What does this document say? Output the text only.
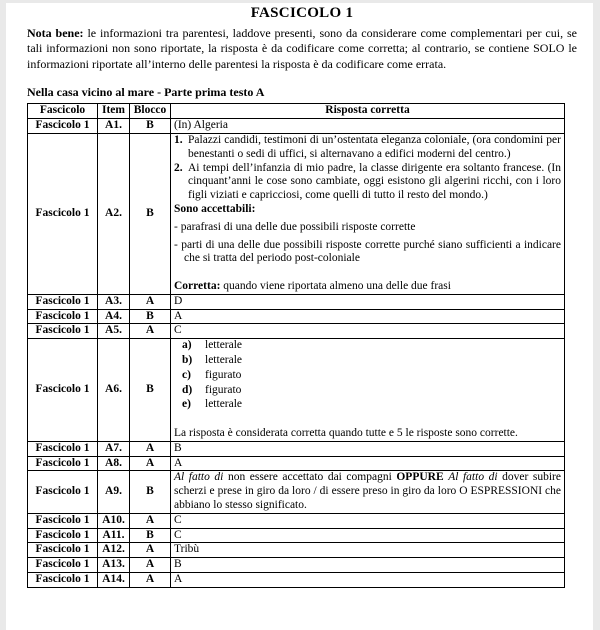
FASCICOLO 1

Nota bene: le informazioni tra parentesi, laddove presenti, sono da considerare come complementari per cui, se tali informazioni non sono riportate, la risposta è da codificare come corretta; al contrario, se contiene SOLO le informazioni riportate all’interno delle parentesi la risposta è da codificare come errata.

Nella casa vicino al mare - Parte prima testo A

Fascicolo	Item	Blocco	Risposta corretta
Fascicolo 1	A1.	B	(In) Algeria

Fascicolo 1	A2.	B	
1. Palazzi candidi, testimoni di un’ostentata eleganza coloniale, (ora condomini per benestanti o sedi di uffici, si alternavano a edifici moderni del centro.)
2. Ai tempi dell’infanzia di mio padre, la classe dirigente era soltanto francese. (In cinquant’anni le cose sono cambiate, oggi esistono gli algerini ricchi, con i loro figli viziati e capricciosi, come quelli di tutto il resto del mondo.)
Sono accettabili:
- parafrasi di una delle due possibili risposte corrette
- parti di una delle due possibili risposte corrette purché siano sufficienti a indicare che si tratta del periodo post-coloniale

Corretta: quando viene riportata almeno una delle due frasi

Fascicolo 1	A3.	A	D

Fascicolo 1	A4.	B	A

Fascicolo 1	A5.	A	C

Fascicolo 1	A6.	B	
a) letterale
b) letterale
c) figurato
d) figurato
e) letterale

La risposta è considerata corretta quando tutte e 5 le risposte sono corrette.

Fascicolo 1	A7.	A	B

Fascicolo 1	A8.	A	A

Fascicolo 1	A9.	B	Al fatto di non essere accettato dai compagni OPPURE Al fatto di dover subire scherzi e prese in giro da loro / di essere preso in giro da loro O ESPRESSIONI che abbiano lo stesso significato.

Fascicolo 1	A10.	A	C

Fascicolo 1	A11.	B	C

Fascicolo 1	A12.	A	Tribù

Fascicolo 1	A13.	A	B

Fascicolo 1	A14.	A	A
